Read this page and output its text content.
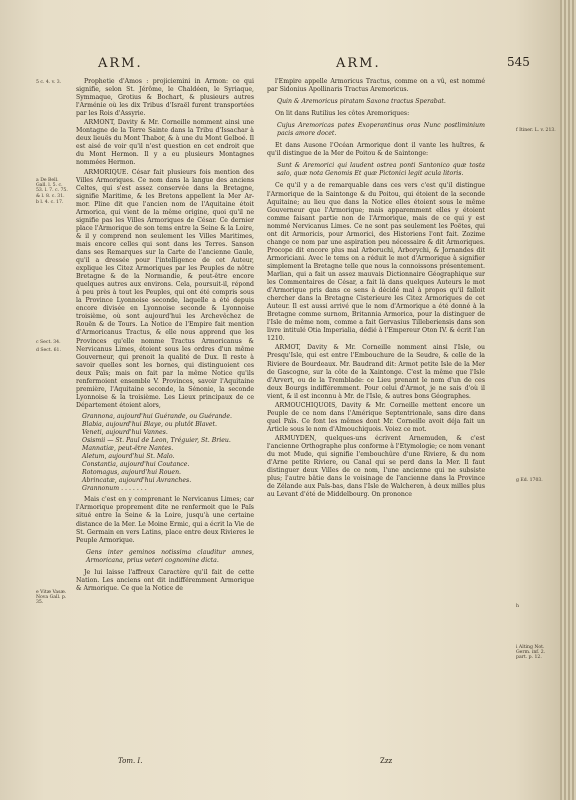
ARM.	ARM.	545
5 c. 4. v. 3.
a De Bell. Gall. l. 5. c. 53. l. 7. c. 75. & l. 8. c. 31.
b l. 4. c. 17.
c Sect. 34.
d Sect. 61.
e Vitæ Vasæ. Nova Gall. p. 35.
f Itiner. L. v. 213.
g Ed. 1703.
h
i Alting Not. Germ. inf. 2. part. p. 12.

Prophetie d'Amos : projiciemini in Armon: ce qui signifie, selon St. Jérôme, le Chaldéen, le Syriaque, Symmaque, Grotius & Bochart, & plusieurs autres l'Arménie où les dix Tribus d'Israël furent transportées par les Rois d'Assyrie.

ARMONT, Davity & Mr. Corneille nomment ainsi une Montagne de la Terre Sainte dans la Tribu d'Issachar à deux lieuës du Mont Thabor, & à une du Mont Gelboé. Il est aisé de voir qu'il n'est question en cet endroit que du Mont Hermon. Il y a eu plusieurs Montagnes nommées Hermon.

ARMORIQUE. César fait plusieurs fois mention des Villes Armoriques. Ce nom dans la langue des anciens Celtes, qui s'est assez conservée dans la Bretagne, signifie Maritime, & les Bretons appellent la Mer Ar-mor. Pline dit que l'ancien nom de l'Aquitaine étoit Armorica, qui vient de la même origine, quoi qu'il ne signifie pas les Villes Armoriques de César. Ce dernier place l'Armorique de son tems entre la Seine & la Loire, & il y comprend non seulement les Villes Maritimes, mais encore celles qui sont dans les Terres. Sanson dans ses Remarques sur la Carte de l'ancienne Gaule, qu'il a dressée pour l'intelligence de cet Auteur, explique les Citez Armoriques par les Peuples de nôtre Bretagne & de la Normandie, & peut-être encore quelques autres aux environs. Cela, poursuit-il, répond à peu près à tout les Peuples, qui ont été compris sous la Province Lyonnoise seconde, laquelle a été depuis encore divisée en Lyonnoise seconde & Lyonnoise troisième, où sont aujourd'hui les Archevêchez de Rouën & de Tours. La Notice de l'Empire fait mention d'Armoricanus Tractus, & elle nous apprend que les Provinces qu'elle nomme Tractus Armoricanus & Nervicanus Limes, étoient sous les ordres d'un même Gouverneur, qui prenoit la qualité de Dux. Il reste à savoir quelles sont les bornes, qui distinguoient ces deux Païs; mais on fait par la même Notice qu'ils renfermoient ensemble V. Provinces, savoir l'Aquitaine première, l'Aquitaine seconde, la Sénonie, la seconde Lyonnoise & la troisième. Les Lieux principaux de ce Département étoient alors,

Grannona, aujourd'hui Guérande, ou Guérande.
Blabia, aujourd'hui Blaye, ou plutôt Blavet.
Veneti, aujourd'hui Vannes.
Osismii — St. Paul de Leon, Tréguier, St. Brieu.
Mannatiæ, peut-être Nantes.
Aletum, aujourd'hui St. Malo.
Constantia, aujourd'hui Coutance.
Rotomagus, aujourd'hui Rouen.
Abrincatæ, aujourd'hui Avranches.
Grannonum . . . . . . .

Mais c'est en y comprenant le Nervicanus Limes; car l'Armorique proprement dite ne renfermoit que le Païs situé entre la Seine & la Loire, jusqu'à une certaine distance de la Mer. Le Moine Ermic, qui a écrit la Vie de St. Germain en vers Latins, place entre deux Rivieres le Peuple Armorique.

Gens inter geminos notissima clauditur amnes, Armoricana, prius veteri cognomine dicta.

Je lui laisse l'affreux Caractère qu'il fait de cette Nation. Les anciens ont dit indifféremment Armorique & Armorique. Ce que la Notice de

Tom. I.

l'Empire appelle Armoricus Tractus, comme on a vû, est nommé par Sidonius Apollinaris Tractus Aremoricus.

Quin & Aremoricus piratam Saxona tractus Sperabat.

On lit dans Rutilius les côtes Aremoriques:

Cujus Aremoricas pates Exoperantinus oras Nunc postliminium pacis amore docet.

Et dans Ausone l'Océan Armorique dont il vante les huîtres, & qu'il distingue de la Mer de Poitou & de Saintonge:

Sunt & Aremorici qui laudent ostrea ponti Santonico quæ tosta salo, quæ nota Genomis Et quæ Pictonici legit acula litoris.

Ce qu'il y a de remarquable dans ces vers c'est qu'il distingue l'Armorique de la Saintonge & du Poitou, qui étoient de la seconde Aquitaine; au lieu que dans la Notice elles étoient sous le même Gouverneur que l'Armorique; mais apparemment elles y étoient comme faisant partie non de l'Armorique, mais de ce qui y est nommé Nervicanus Limes. Ce ne sont pas seulement les Poëtes, qui ont dit Armoricis, pour Armorici, des Historiens l'ont fait. Zozime change ce nom par une aspiration peu nécessaire & dit Armoriques. Procope dit encore plus mal Arboruchi, Arborychi, & Jornandes dit Armoriciani. Avec le tems on a réduit le mot d'Armorique à signifier simplement la Bretagne telle que nous la connoissons présentement. Marlian, qui a fait un assez mauvais Dictionnaire Géographique sur les Commentaires de César, a fait là dans quelques Auteurs le mot d'Armorique pris dans ce sens à décidé mal à propos qu'il falloit chercher dans la Bretagne Cisterieure les Citez Armoriques de cet Auteur. Il est aussi arrivé que le nom d'Armorique a été donné à la Bretagne comme surnom, Britannia Armorica, pour la distinguer de l'Isle de même nom, comme a fait Gervasius Tilleberiensis dans son livre intitulé Otia Imperialia, dédié à l'Empereur Oton IV. & écrit l'an 1210.

ARMOT, Davity & Mr. Corneille nomment ainsi l'Isle, ou Presqu'Isle, qui est entre l'Embouchure de la Seudre, & celle de la Riviere de Bourdeaux. Mr. Baudrand dit: Armot petite Isle de la Mer de Gascogne, sur la côte de la Xaintonge. C'est la même que l'Isle d'Arvert, ou de la Tremblade: ce Lieu prenant le nom d'un de ces deux Bourgs indifféremment. Pour celui d'Armot, je ne sais d'où il vient, & il est inconnu à Mr. de l'Isle, & autres bons Géographes.

ARMOUCHIQUOIS, Davity & Mr. Corneille mettent encore un Peuple de ce nom dans l'Amérique Septentrionale, sans dire dans quel Païs. Ce font les mêmes dont Mr. Corneille avoit déja fait un Article sous le nom d'Almouchiquois. Voiez ce mot.

ARMUYDEN, quelques-uns écrivent Arnemuden, & c'est l'ancienne Orthographe plus conforme à l'Etymologie; ce nom venant du mot Mude, qui signifie l'embouchûre d'une Riviere, & du nom d'Arne petite Riviere, ou Canal qui se perd dans la Mer. Il faut distinguer deux Villes de ce nom, l'une ancienne qui ne subsiste plus; l'autre bâtie dans le voisinage de l'ancienne dans la Province de Zélande aux Païs-bas, dans l'Isle de Walcheren, à deux milles plus au Levant d'été de Middelbourg. On prononce

Zzz
